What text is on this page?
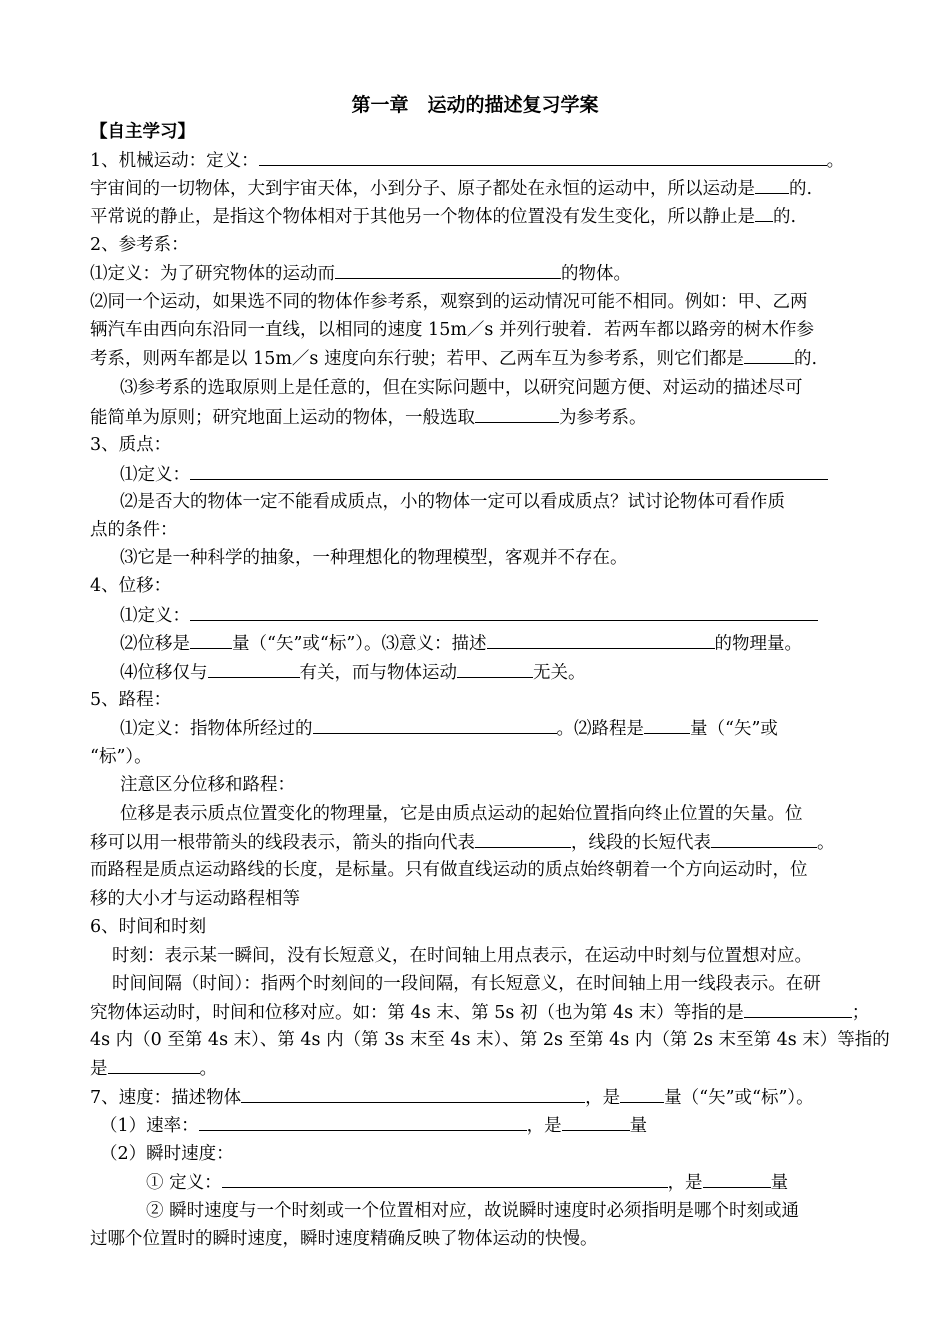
第一章　运动的描述复习学案
【自主学习】
1、机械运动：定义：	。
宇宙间的一切物体，大到宇宙天体，小到分子、原子都处在永恒的运动中，所以运动是 的.
平常说的静止，是指这个物体相对于其他另一个物体的位置没有发生变化，所以静止是 的.
2、参考系：
⑴定义：为了研究物体的运动而	的物体。
⑵同一个运动，如果选不同的物体作参考系，观察到的运动情况可能不相同。例如：甲、乙两
辆汽车由西向东沿同一直线，以相同的速度 15m／s 并列行驶着．若两车都以路旁的树木作参
考系，则两车都是以 15m／s 速度向东行驶；若甲、乙两车互为参考系，则它们都是	的.
⑶参考系的选取原则上是任意的，但在实际问题中，以研究问题方便、对运动的描述尽可
能简单为原则；研究地面上运动的物体，一般选取	为参考系。
3、质点：
⑴定义：
⑵是否大的物体一定不能看成质点，小的物体一定可以看成质点？试讨论物体可看作质
点的条件：
⑶它是一种科学的抽象，一种理想化的物理模型，客观并不存在。
4、位移：
⑴定义：
⑵位移是 量（“矢”或“标”）。⑶意义：描述	的物理量。
⑷位移仅与	有关，而与物体运动	无关。
5、路程：
⑴定义：指物体所经过的	。⑵路程是	量（“矢”或
“标”）。
注意区分位移和路程：
位移是表示质点位置变化的物理量，它是由质点运动的起始位置指向终止位置的矢量。位
移可以用一根带箭头的线段表示，箭头的指向代表	，线段的长短代表	。
而路程是质点运动路线的长度，是标量。只有做直线运动的质点始终朝着一个方向运动时，位
移的大小才与运动路程相等
6、时间和时刻
时刻：表示某一瞬间，没有长短意义，在时间轴上用点表示，在运动中时刻与位置想对应。
时间间隔（时间）：指两个时刻间的一段间隔，有长短意义，在时间轴上用一线段表示。在研
究物体运动时，时间和位移对应。如：第 4s 末、第 5s 初（也为第 4s 末）等指的是	；
4s 内（0 至第 4s 末）、第 4s 内（第 3s 末至 4s 末）、第 2s 至第 4s 内（第 2s 末至第 4s 末）等指的
是	。
7、速度：描述物体	，是	量（“矢”或“标”）。
（1）速率：	，是	量
（2）瞬时速度：
① 定义：	，是	量
② 瞬时速度与一个时刻或一个位置相对应，故说瞬时速度时必须指明是哪个时刻或通
过哪个位置时的瞬时速度，瞬时速度精确反映了物体运动的快慢。
